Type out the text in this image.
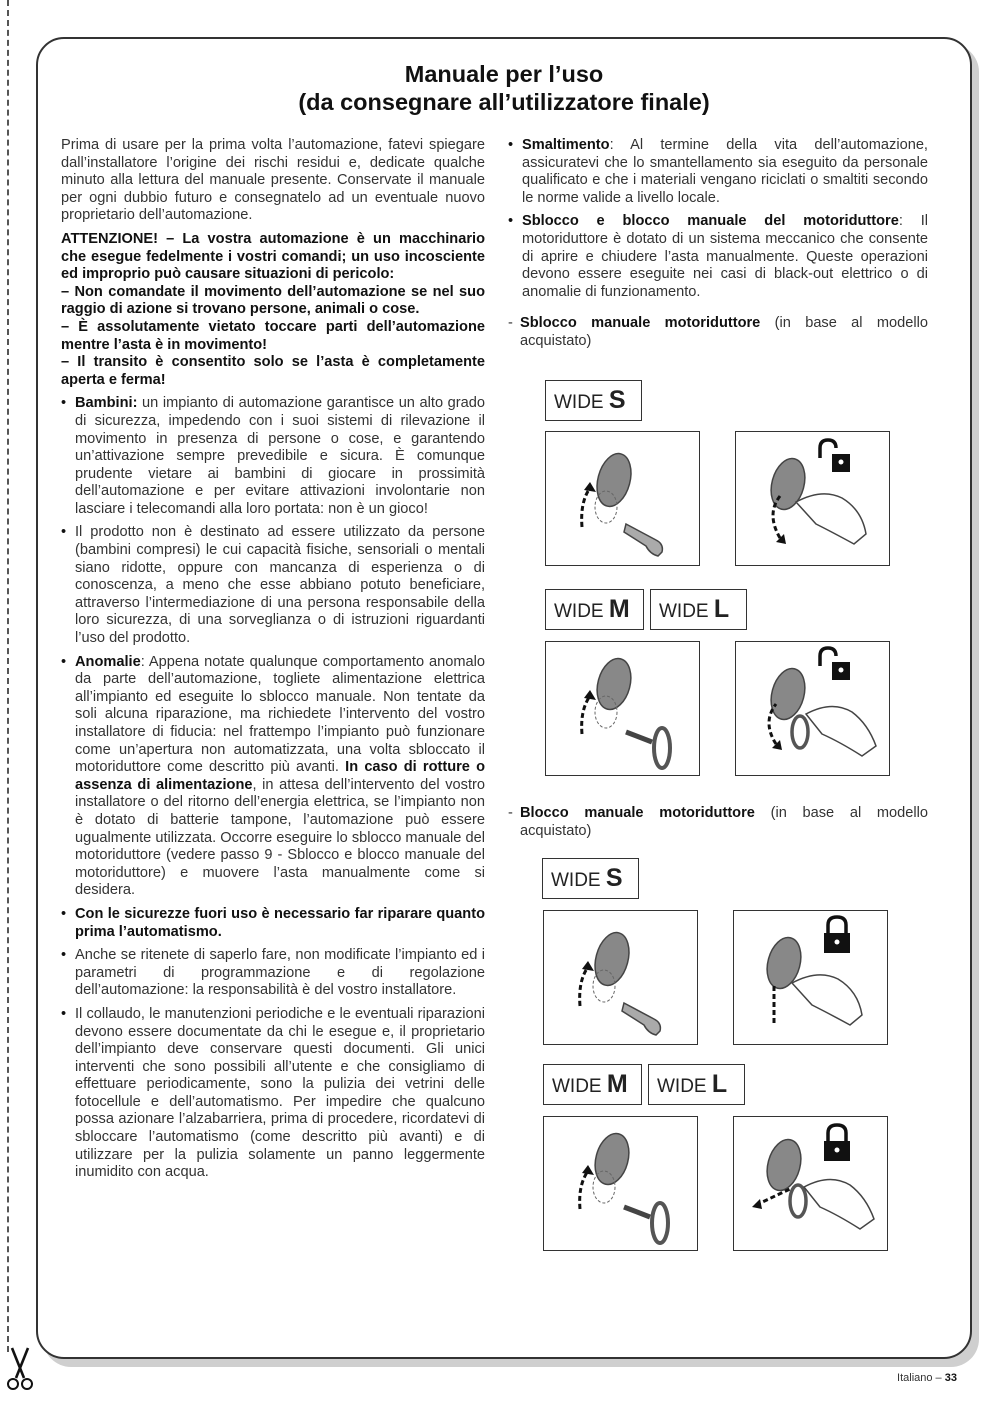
Manuale per l’uso
(da consegnare all’utilizzatore finale)

Prima di usare per la prima volta l’automazione, fatevi spiegare dall’installatore l’origine dei rischi residui e, dedicate qualche minuto alla lettura del manuale presente. Conservate il manuale per ogni dubbio futuro e consegnatelo ad un eventuale nuovo proprietario dell’automazione.

ATTENZIONE! – La vostra automazione è un macchinario che esegue fedelmente i vostri comandi; un uso incosciente ed improprio può causare situazioni di pericolo:
– Non comandate il movimento dell’automazione se nel suo raggio di azione si trovano persone, animali o cose.
– È assolutamente vietato toccare parti dell’automazione mentre l’asta è in movimento!
– Il transito è consentito solo se l’asta è completamente aperta e ferma!
• Bambini: un impianto di automazione garantisce un alto grado di sicurezza, impedendo con i suoi sistemi di rilevazione il movimento in presenza di persone o cose, e garantendo un’attivazione sempre prevedibile e sicura. È comunque prudente vietare ai bambini di giocare in prossimità dell’automazione e per evitare attivazioni involontarie non lasciare i telecomandi alla loro portata: non è un gioco!
• Il prodotto non è destinato ad essere utilizzato da persone (bambini compresi) le cui capacità fisiche, sensoriali o mentali siano ridotte, oppure con mancanza di esperienza o di conoscenza, a meno che esse abbiano potuto beneficiare, attraverso l’intermediazione di una persona responsabile della loro sicurezza, di una sorveglianza o di istruzioni riguardanti l’uso del prodotto.
• Anomalie: Appena notate qualunque comportamento anomalo da parte dell’automazione, togliete alimentazione elettrica all’impianto ed eseguite lo sblocco manuale. Non tentate da soli alcuna riparazione, ma richiedete l’intervento del vostro installatore di fiducia: nel frattempo l’impianto può funzionare come un’apertura non automatizzata, una volta sbloccato il motoriduttore come descritto più avanti. In caso di rotture o assenza di alimentazione, in attesa dell’intervento del vostro installatore o del ritorno dell’energia elettrica, se l’impianto non è dotato di batterie tampone, l’automazione può essere ugualmente utilizzata. Occorre eseguire lo sblocco manuale del motoriduttore (vedere passo 9 - Sblocco e blocco manuale del motoriduttore) e muovere l’asta manualmente come si desidera.
• Con le sicurezze fuori uso è necessario far riparare quanto prima l’automatismo.
• Anche se ritenete di saperlo fare, non modificate l’impianto ed i parametri di programmazione e di regolazione dell’automazione: la responsabilità è del vostro installatore.
• Il collaudo, le manutenzioni periodiche e le eventuali riparazioni devono essere documentate da chi le esegue e, il proprietario dell’impianto deve conservare questi documenti. Gli unici interventi che sono possibili all’utente e che consigliamo di effettuare periodicamente, sono la pulizia dei vetrini delle fotocellule e dell’automatismo. Per impedire che qualcuno possa azionare l’alzabarriera, prima di procedere, ricordatevi di sbloccare l’automatismo (come descritto più avanti) e di utilizzare per la pulizia solamente un panno leggermente inumidito con acqua.
• Smaltimento: Al termine della vita dell’automazione, assicuratevi che lo smantellamento sia eseguito da personale qualificato e che i materiali vengano riciclati o smaltiti secondo le norme valide a livello locale.
• Sblocco e blocco manuale del motoriduttore: Il motoriduttore è dotato di un sistema meccanico che consente di aprire e chiudere l’asta manualmente. Queste operazioni devono essere eseguite nei casi di black-out elettrico o di anomalie di funzionamento.
- Sblocco manuale motoriduttore (in base al modello acquistato)
- Blocco manuale motoriduttore (in base al modello acquistato)
WIDE S
WIDE M	WIDE L
WIDE S
WIDE M	WIDE L
Italiano – 33
